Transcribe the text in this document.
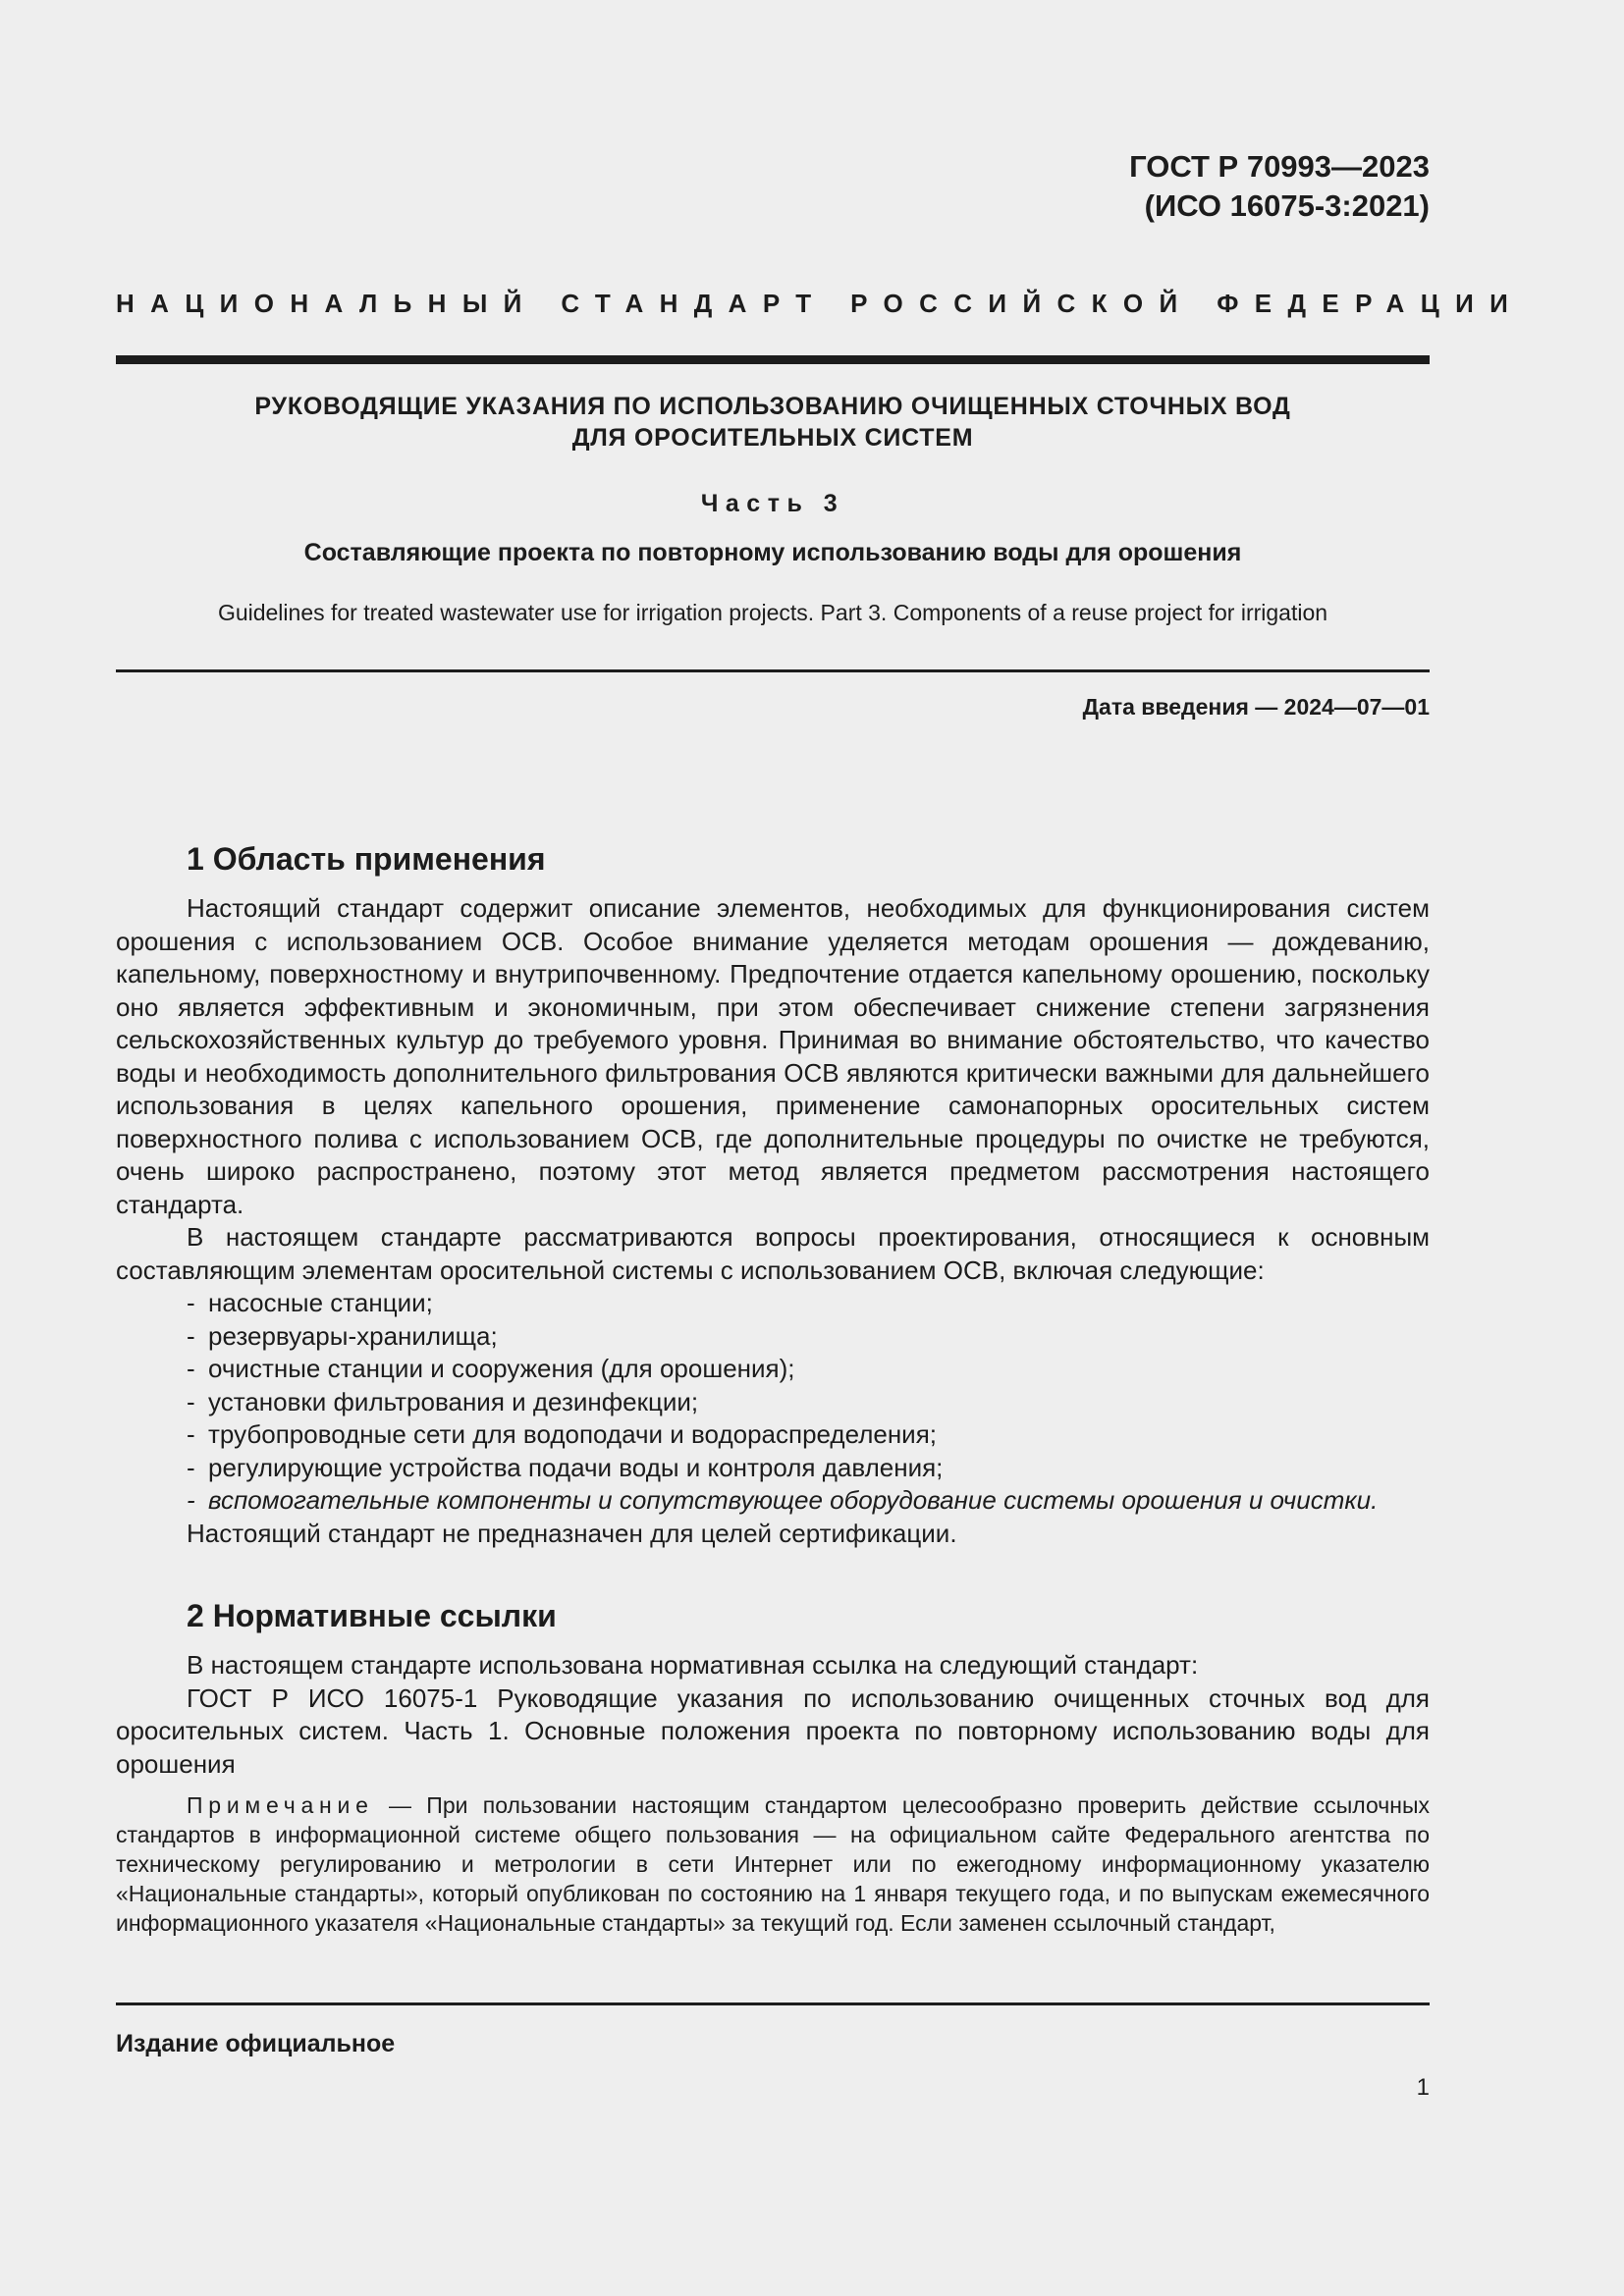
ГОСТ Р 70993—2023
(ИСО 16075-3:2021)
НАЦИОНАЛЬНЫЙ СТАНДАРТ РОССИЙСКОЙ ФЕДЕРАЦИИ
РУКОВОДЯЩИЕ УКАЗАНИЯ ПО ИСПОЛЬЗОВАНИЮ ОЧИЩЕННЫХ СТОЧНЫХ ВОД
ДЛЯ ОРОСИТЕЛЬНЫХ СИСТЕМ
Часть 3
Составляющие проекта по повторному использованию воды для орошения
Guidelines for treated wastewater use for irrigation projects. Part 3. Components of a reuse project for irrigation
Дата введения — 2024—07—01
1 Область применения

Настоящий стандарт содержит описание элементов, необходимых для функционирования систем орошения с использованием ОСВ. Особое внимание уделяется методам орошения — дождеванию, капельному, поверхностному и внутрипочвенному. Предпочтение отдается капельному орошению, поскольку оно является эффективным и экономичным, при этом обеспечивает снижение степени загрязнения сельскохозяйственных культур до требуемого уровня. Принимая во внимание обстоятельство, что качество воды и необходимость дополнительного фильтрования ОСВ являются критически важными для дальнейшего использования в целях капельного орошения, применение самонапорных оросительных систем поверхностного полива с использованием ОСВ, где дополнительные процедуры по очистке не требуются, очень широко распространено, поэтому этот метод является предметом рассмотрения настоящего стандарта.

В настоящем стандарте рассматриваются вопросы проектирования, относящиеся к основным составляющим элементам оросительной системы с использованием ОСВ, включая следующие:

- насосные станции;
- резервуары-хранилища;
- очистные станции и сооружения (для орошения);
- установки фильтрования и дезинфекции;
- трубопроводные сети для водоподачи и водораспределения;
- регулирующие устройства подачи воды и контроля давления;
- вспомогательные компоненты и сопутствующее оборудование системы орошения и очистки.

Настоящий стандарт не предназначен для целей сертификации.

2 Нормативные ссылки

В настоящем стандарте использована нормативная ссылка на следующий стандарт:

ГОСТ Р ИСО 16075-1 Руководящие указания по использованию очищенных сточных вод для оросительных систем. Часть 1. Основные положения проекта по повторному использованию воды для орошения

Примечание — При пользовании настоящим стандартом целесообразно проверить действие ссылочных стандартов в информационной системе общего пользования — на официальном сайте Федерального агентства по техническому регулированию и метрологии в сети Интернет или по ежегодному информационному указателю «Национальные стандарты», который опубликован по состоянию на 1 января текущего года, и по выпускам ежемесячного информационного указателя «Национальные стандарты» за текущий год. Если заменен ссылочный стандарт,
Издание официальное
1
